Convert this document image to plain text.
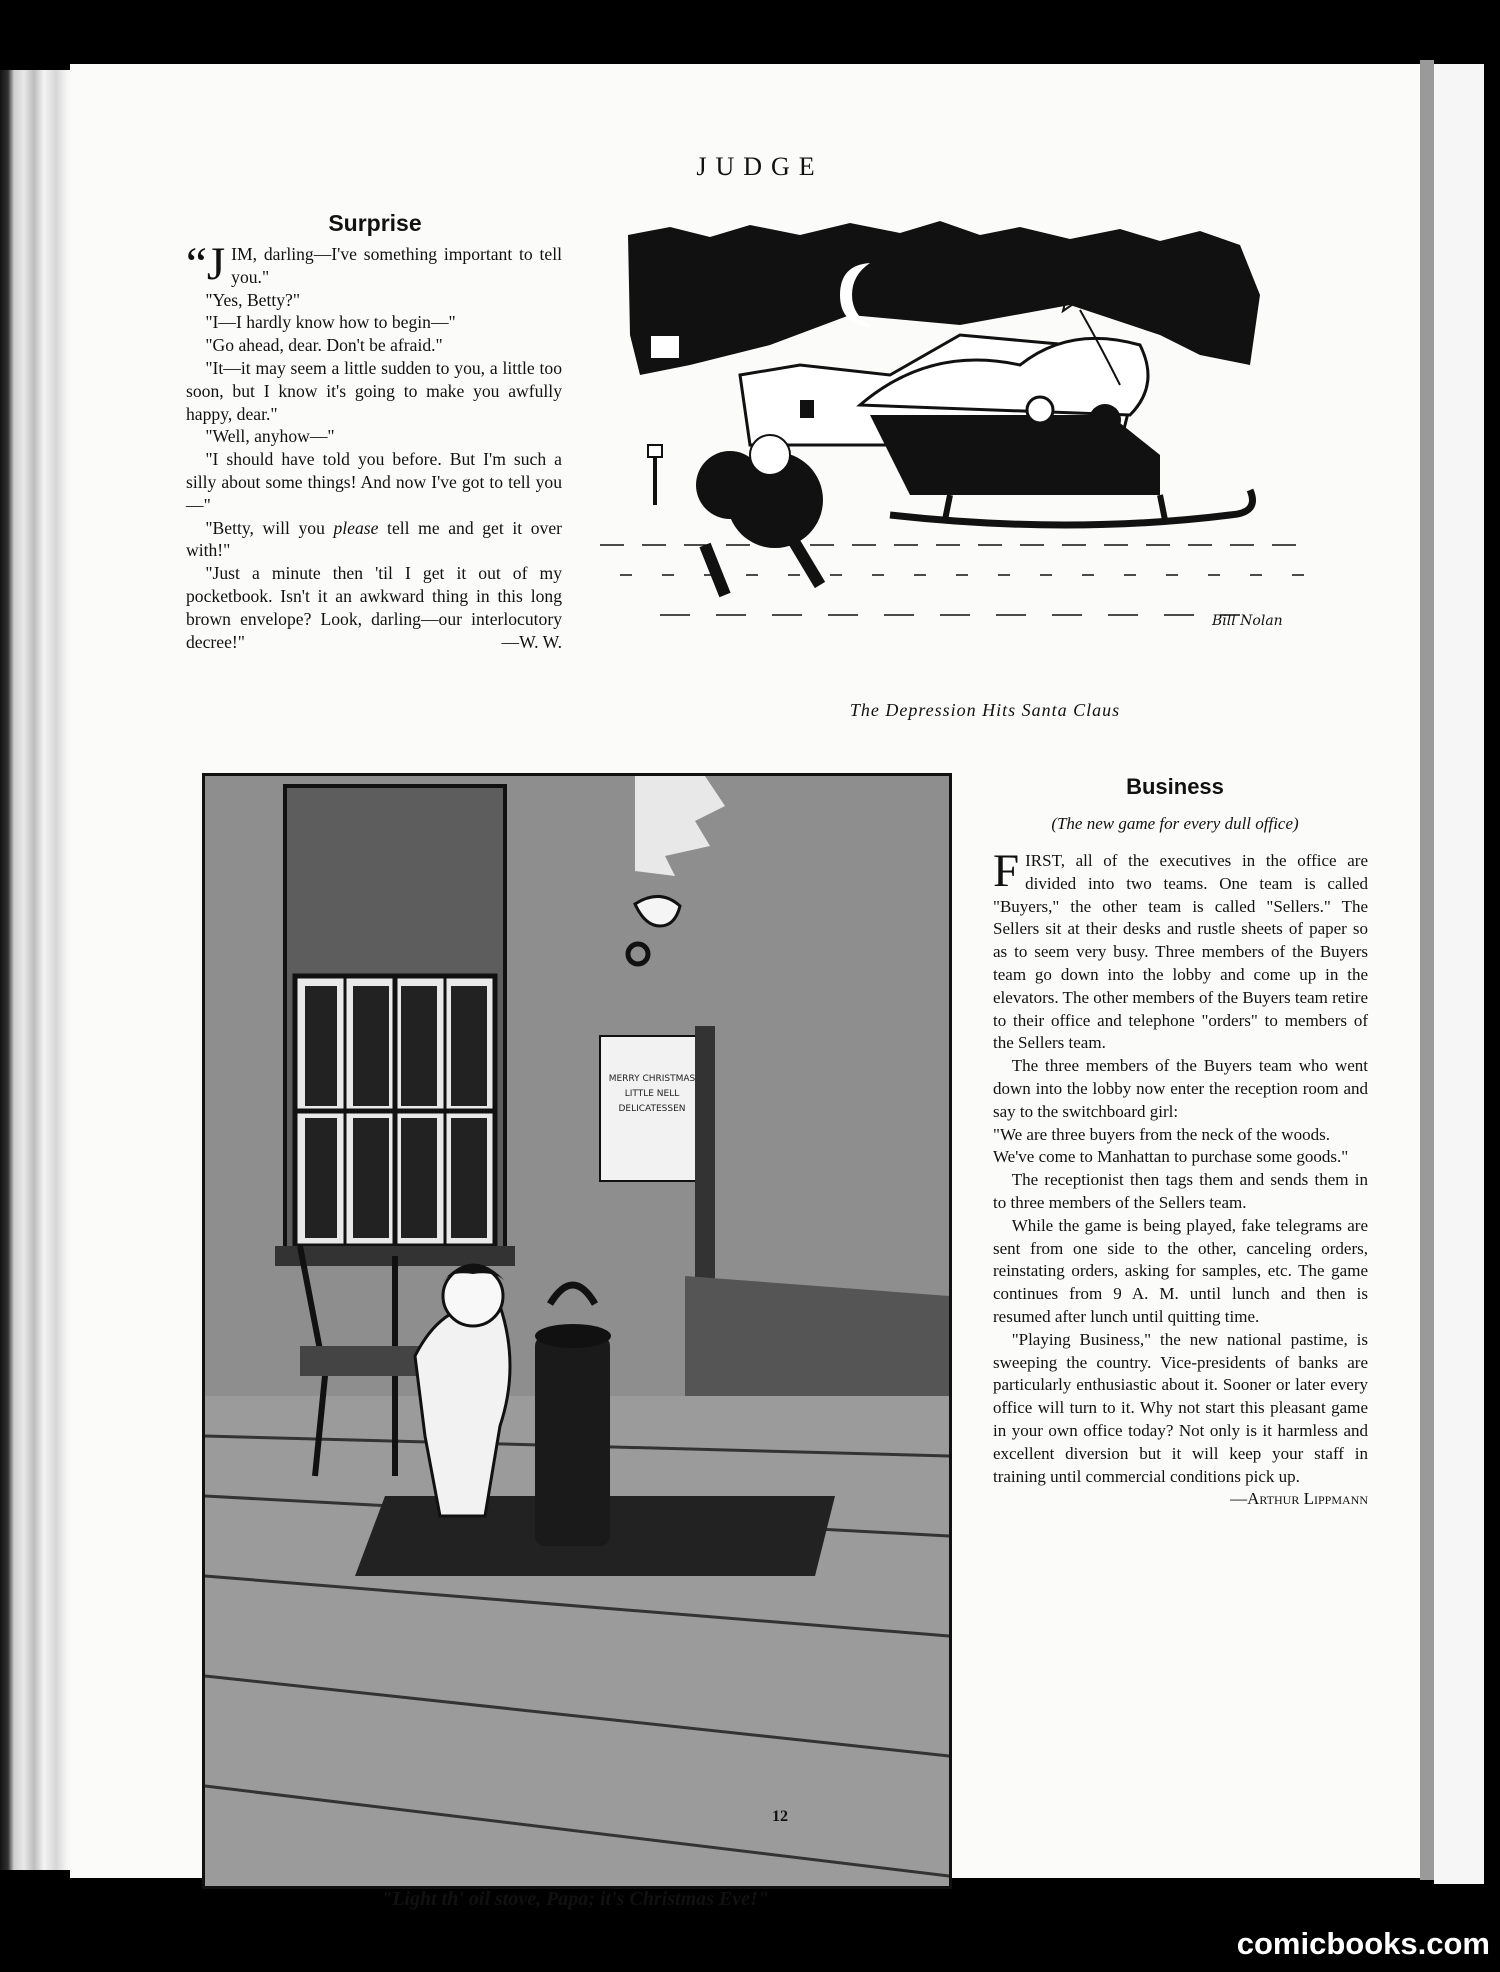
JUDGE
Surprise

“JIM, darling—I've something important to tell you."

"Yes, Betty?"

"I—I hardly know how to begin—"

"Go ahead, dear. Don't be afraid."

"It—it may seem a little sudden to you, a little too soon, but I know it's going to make you awfully happy, dear."

"Well, anyhow—"

"I should have told you before. But I'm such a silly about some things! And now I've got to tell you—"

"Betty, will you please tell me and get it over with!"

"Just a minute then 'til I get it out of my pocketbook. Isn't it an awkward thing in this long brown envelope? Look, darling—our interlocutory decree!"	—W. W.

Bill Nolan
The Depression Hits Santa Claus
MERRY CHRISTMAS
LITTLE NELL
DELICATESSEN
"Light th' oil stove, Papa; it's Christmas Eve!"
Business
(The new game for every dull office)

FIRST, all of the executives in the office are divided into two teams. One team is called "Buyers," the other team is called "Sellers." The Sellers sit at their desks and rustle sheets of paper so as to seem very busy. Three members of the Buyers team go down into the lobby and come up in the elevators. The other members of the Buyers team retire to their office and telephone "orders" to members of the Sellers team.

The three members of the Buyers team who went down into the lobby now enter the reception room and say to the switchboard girl:

"We are three buyers from the neck of the woods.

We've come to Manhattan to purchase some goods."

The receptionist then tags them and sends them in to three members of the Sellers team.

While the game is being played, fake telegrams are sent from one side to the other, canceling orders, reinstating orders, asking for samples, etc. The game continues from 9 A. M. until lunch and then is resumed after lunch until quitting time.

"Playing Business," the new national pastime, is sweeping the country. Vice-presidents of banks are particularly enthusiastic about it. Sooner or later every office will turn to it. Why not start this pleasant game in your own office today? Not only is it harmless and excellent diversion but it will keep your staff in training until commercial conditions pick up.
—Arthur Lippmann

12
comicbooks.com
